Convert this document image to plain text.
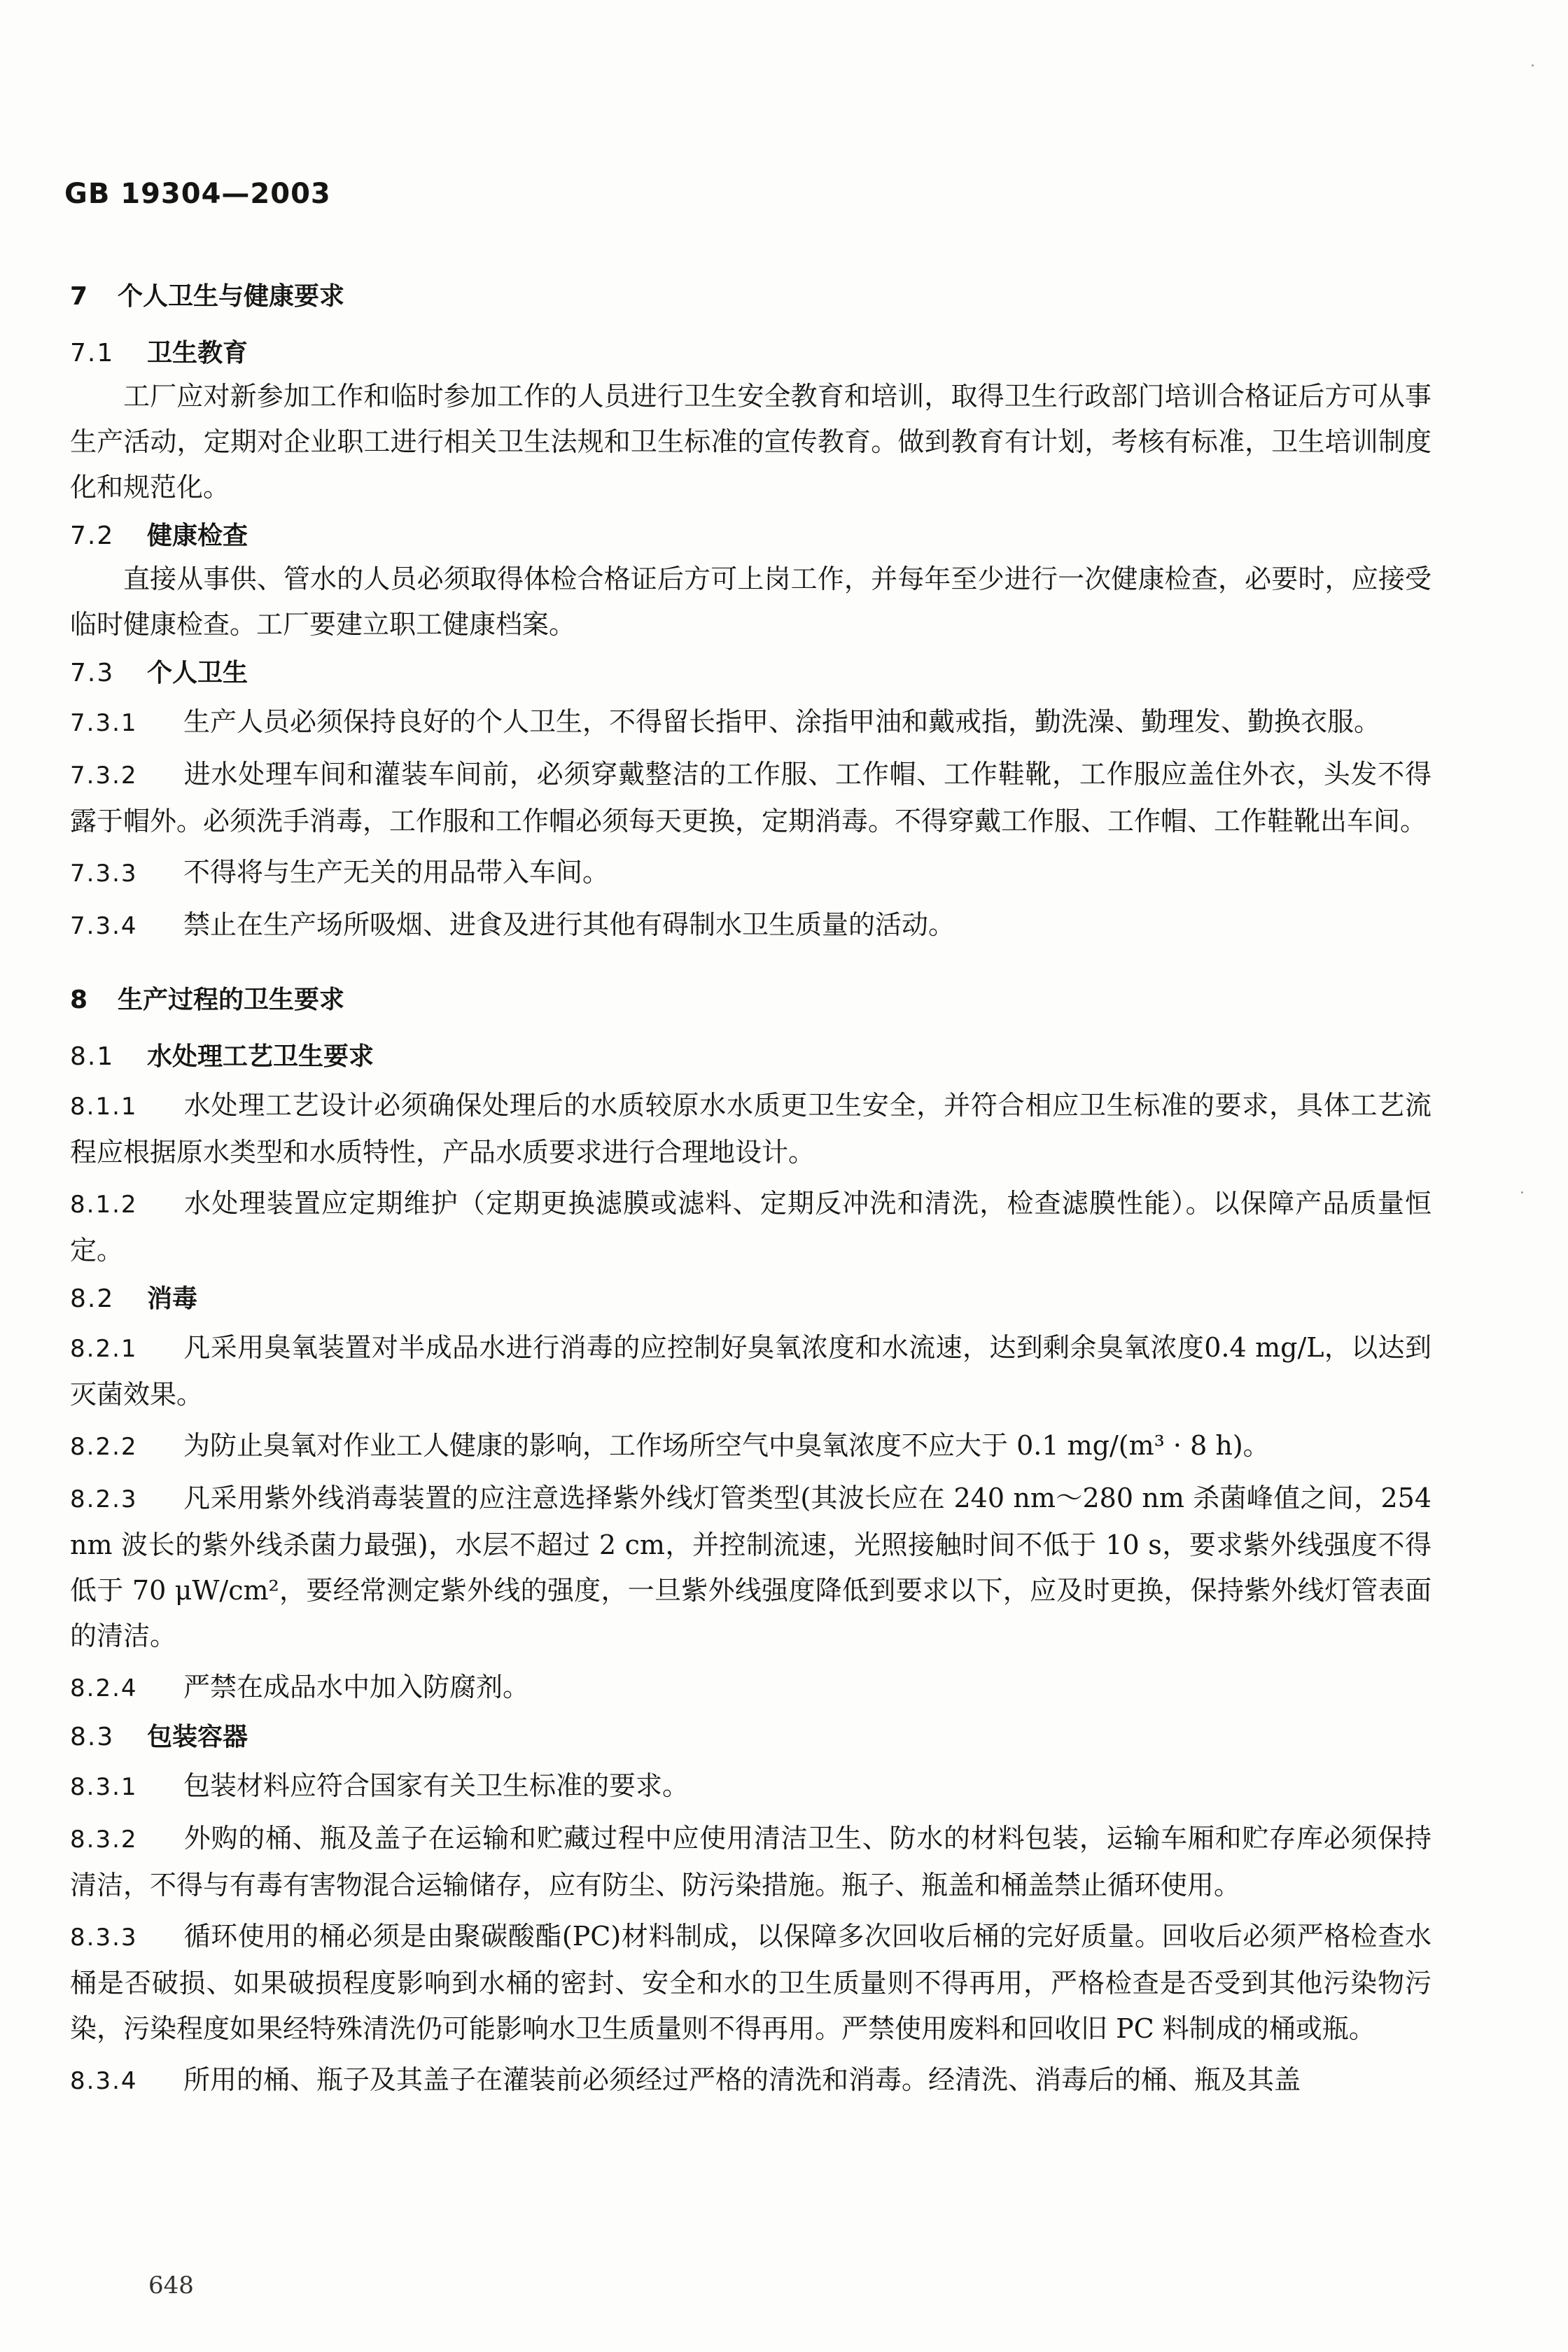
GB 19304—2003
7 个人卫生与健康要求
7.1 卫生教育
工厂应对新参加工作和临时参加工作的人员进行卫生安全教育和培训，取得卫生行政部门培训合格证后方可从事生产活动，定期对企业职工进行相关卫生法规和卫生标准的宣传教育。做到教育有计划，考核有标准，卫生培训制度化和规范化。
7.2 健康检查
直接从事供、管水的人员必须取得体检合格证后方可上岗工作，并每年至少进行一次健康检查，必要时，应接受临时健康检查。工厂要建立职工健康档案。
7.3 个人卫生
7.3.1 生产人员必须保持良好的个人卫生，不得留长指甲、涂指甲油和戴戒指，勤洗澡、勤理发、勤换衣服。
7.3.2 进水处理车间和灌装车间前，必须穿戴整洁的工作服、工作帽、工作鞋靴，工作服应盖住外衣，头发不得露于帽外。必须洗手消毒，工作服和工作帽必须每天更换，定期消毒。不得穿戴工作服、工作帽、工作鞋靴出车间。
7.3.3 不得将与生产无关的用品带入车间。
7.3.4 禁止在生产场所吸烟、进食及进行其他有碍制水卫生质量的活动。
8 生产过程的卫生要求
8.1 水处理工艺卫生要求
8.1.1 水处理工艺设计必须确保处理后的水质较原水水质更卫生安全，并符合相应卫生标准的要求，具体工艺流程应根据原水类型和水质特性，产品水质要求进行合理地设计。
8.1.2 水处理装置应定期维护（定期更换滤膜或滤料、定期反冲洗和清洗，检查滤膜性能）。以保障产品质量恒定。
8.2 消毒
8.2.1 凡采用臭氧装置对半成品水进行消毒的应控制好臭氧浓度和水流速，达到剩余臭氧浓度0.4 mg/L，以达到灭菌效果。
8.2.2 为防止臭氧对作业工人健康的影响，工作场所空气中臭氧浓度不应大于 0.1 mg/(m³ · 8 h)。
8.2.3 凡采用紫外线消毒装置的应注意选择紫外线灯管类型(其波长应在 240 nm～280 nm 杀菌峰值之间，254 nm 波长的紫外线杀菌力最强)，水层不超过 2 cm，并控制流速，光照接触时间不低于 10 s，要求紫外线强度不得低于 70 μW/cm²，要经常测定紫外线的强度，一旦紫外线强度降低到要求以下，应及时更换，保持紫外线灯管表面的清洁。
8.2.4 严禁在成品水中加入防腐剂。
8.3 包装容器
8.3.1 包装材料应符合国家有关卫生标准的要求。
8.3.2 外购的桶、瓶及盖子在运输和贮藏过程中应使用清洁卫生、防水的材料包装，运输车厢和贮存库必须保持清洁，不得与有毒有害物混合运输储存，应有防尘、防污染措施。瓶子、瓶盖和桶盖禁止循环使用。
8.3.3 循环使用的桶必须是由聚碳酸酯(PC)材料制成，以保障多次回收后桶的完好质量。回收后必须严格检查水桶是否破损、如果破损程度影响到水桶的密封、安全和水的卫生质量则不得再用，严格检查是否受到其他污染物污染，污染程度如果经特殊清洗仍可能影响水卫生质量则不得再用。严禁使用废料和回收旧 PC 料制成的桶或瓶。
8.3.4 所用的桶、瓶子及其盖子在灌装前必须经过严格的清洗和消毒。经清洗、消毒后的桶、瓶及其盖
648
